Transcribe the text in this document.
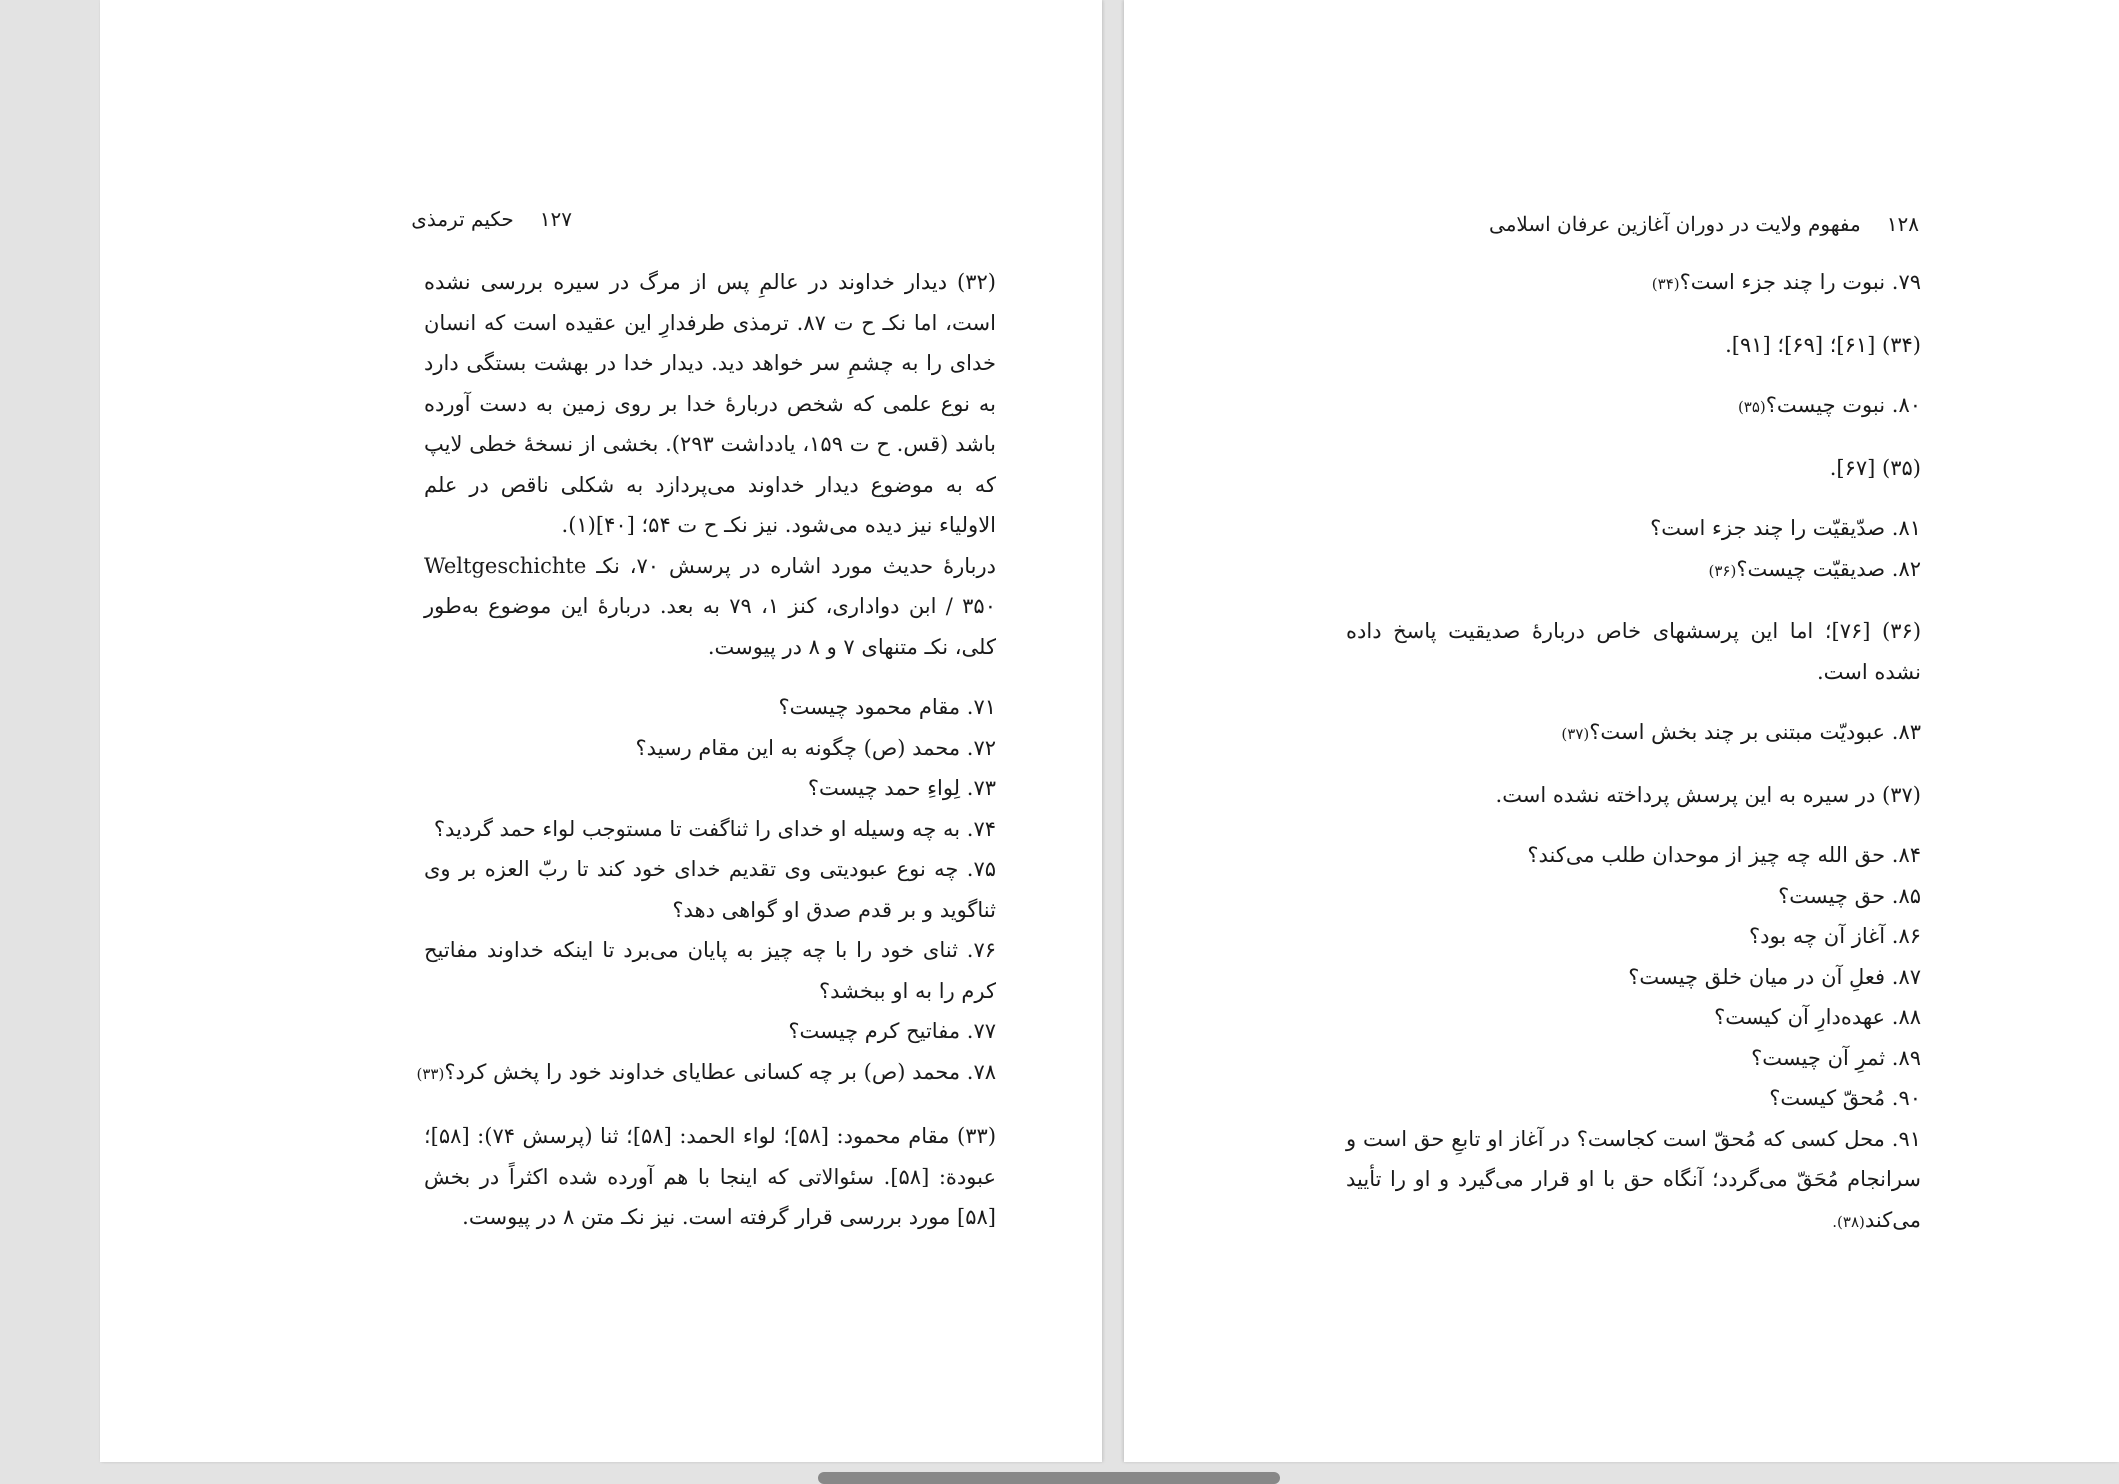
۱۲۷حکیم ترمذی

(۳۲) دیدار خداوند در عالمِ پس از مرگ در سیره بررسی نشده است، اما نکـ ح ت ۸۷. ترمذی طرفدارِ این عقیده است که انسان خدای را به چشمِ سر خواهد دید. دیدار خدا در بهشت بستگی دارد به نوع علمی که شخص دربارهٔ خدا بر روی زمین به دست آورده باشد (قس. ح ت ۱۵۹، یادداشت ۲۹۳). بخشی از نسخهٔ خطی لایپ که به موضوع دیدار خداوند می‌پردازد به شکلی ناقص در علم الاولیاء نیز دیده می‌شود. نیز نکـ ح ت ۵۴؛ [۴۰](۱).

دربارهٔ حدیث مورد اشاره در پرسش ۷۰، نکـ Weltgeschichte ۳۵۰ / ابن دواداری، کنز ۱، ۷۹ به بعد. دربارهٔ این موضوع به‌طور کلی، نکـ متنهای ۷ و ۸ در پیوست.

۷۱. مقام محمود چیست؟
۷۲. محمد (ص) چگونه به این مقام رسید؟
۷۳. لِواءِ حمد چیست؟
۷۴. به چه وسیله او خدای را ثناگفت تا مستوجب لواء حمد گردید؟
۷۵. چه نوع عبودیتی وی تقدیم خدای خود کند تا ربّ العزه بر وی ثناگوید و بر قدم صدق او گواهی دهد؟
۷۶. ثنای خود را با چه چیز به پایان می‌برد تا اینکه خداوند مفاتیح کرم را به او ببخشد؟
۷۷. مفاتیح کرم چیست؟
۷۸. محمد (ص) بر چه کسانی عطایای خداوند خود را پخش کرد؟(۳۳)

(۳۳) مقام محمود: [۵۸]؛ لواء الحمد: [۵۸]؛ ثنا (پرسش ۷۴): [۵۸]؛ عبودة: [۵۸]. سئوالاتی که اینجا با هم آورده شده اکثراً در بخش [۵۸] مورد بررسی قرار گرفته است. نیز نکـ متن ۸ در پیوست.

۱۲۸مفهوم ولایت در دوران آغازین عرفان اسلامی
۷۹. نبوت را چند جزء است؟(۳۴)

(۳۴) [۶۱]؛ [۶۹]؛ [۹۱].

۸۰. نبوت چیست؟(۳۵)

(۳۵) [۶۷].

۸۱. صدّیقیّت را چند جزء است؟
۸۲. صدیقیّت چیست؟(۳۶)

(۳۶) [۷۶]؛ اما این پرسشهای خاص دربارهٔ صدیقیت پاسخ داده نشده است.

۸۳. عبودیّت مبتنی بر چند بخش است؟(۳۷)

(۳۷) در سیره به این پرسش پرداخته نشده است.

۸۴. حق الله چه چیز از موحدان طلب می‌کند؟
۸۵. حق چیست؟
۸۶. آغاز آن چه بود؟
۸۷. فعلِ آن در میان خلق چیست؟
۸۸. عهده‌دارِ آن کیست؟
۸۹. ثمرِ آن چیست؟
۹۰. مُحقّ کیست؟

۹۱. محل کسی که مُحقّ است کجاست؟ در آغاز او تابعِ حق است و سرانجام مُحَقّ می‌گردد؛ آنگاه حق با او قرار می‌گیرد و او را تأیید می‌کند(۳۸).
